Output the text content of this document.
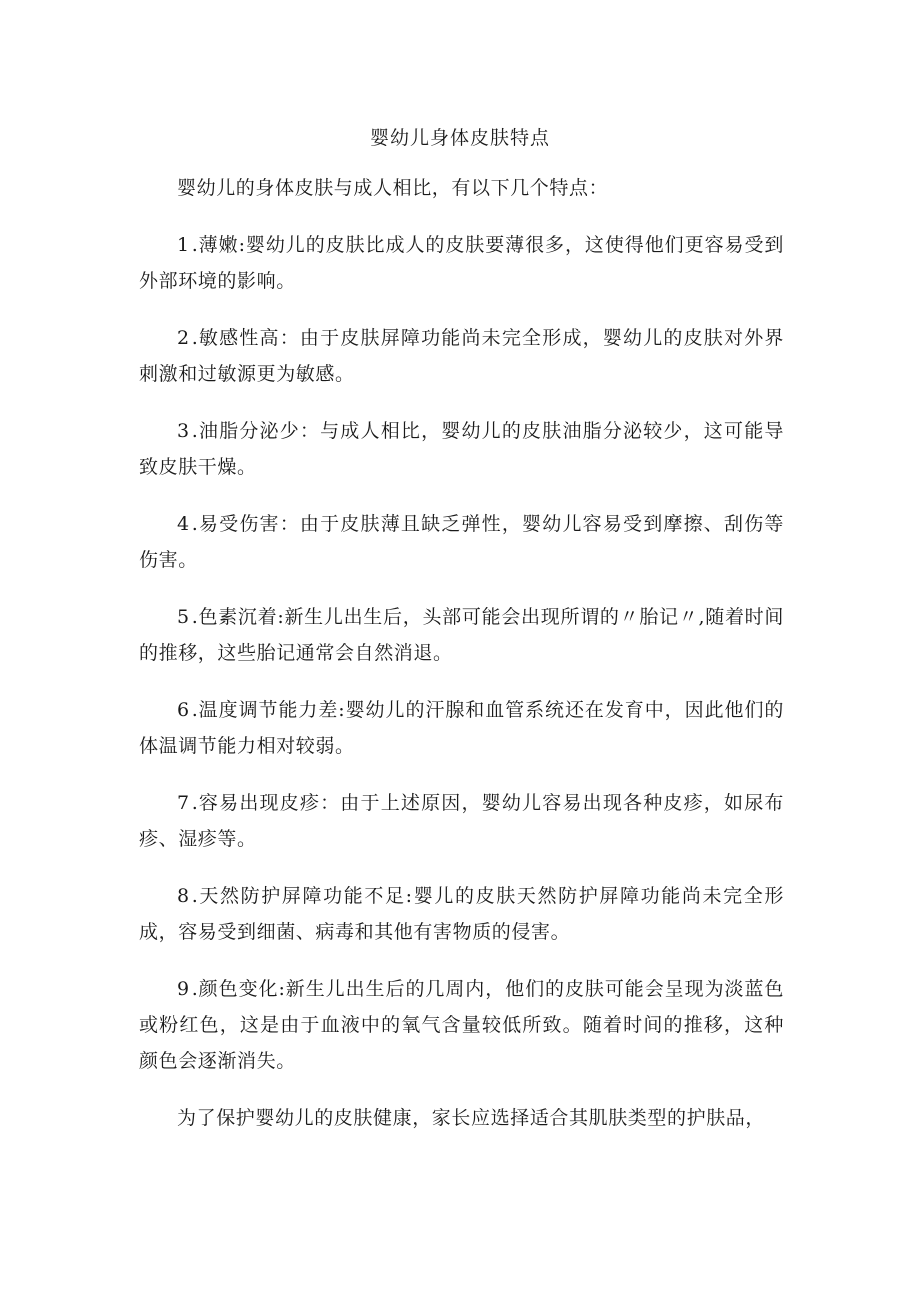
婴幼儿身体皮肤特点

婴幼儿的身体皮肤与成人相比，有以下几个特点：

1 .薄嫩:婴幼儿的皮肤比成人的皮肤要薄很多，这使得他们更容易受到外部环境的影响。

2 .敏感性高：由于皮肤屏障功能尚未完全形成，婴幼儿的皮肤对外界刺激和过敏源更为敏感。

3 .油脂分泌少：与成人相比，婴幼儿的皮肤油脂分泌较少，这可能导致皮肤干燥。

4 .易受伤害：由于皮肤薄且缺乏弹性，婴幼儿容易受到摩擦、刮伤等伤害。

5 .色素沉着:新生儿出生后，头部可能会出现所谓的〃胎记〃,随着时间的推移，这些胎记通常会自然消退。

6 .温度调节能力差:婴幼儿的汗腺和血管系统还在发育中，因此他们的体温调节能力相对较弱。

7 .容易出现皮疹：由于上述原因，婴幼儿容易出现各种皮疹，如尿布疹、湿疹等。

8 .天然防护屏障功能不足:婴儿的皮肤天然防护屏障功能尚未完全形成，容易受到细菌、病毒和其他有害物质的侵害。

9 .颜色变化:新生儿出生后的几周内，他们的皮肤可能会呈现为淡蓝色或粉红色，这是由于血液中的氧气含量较低所致。随着时间的推移，这种颜色会逐渐消失。

为了保护婴幼儿的皮肤健康，家长应选择适合其肌肤类型的护肤品，
